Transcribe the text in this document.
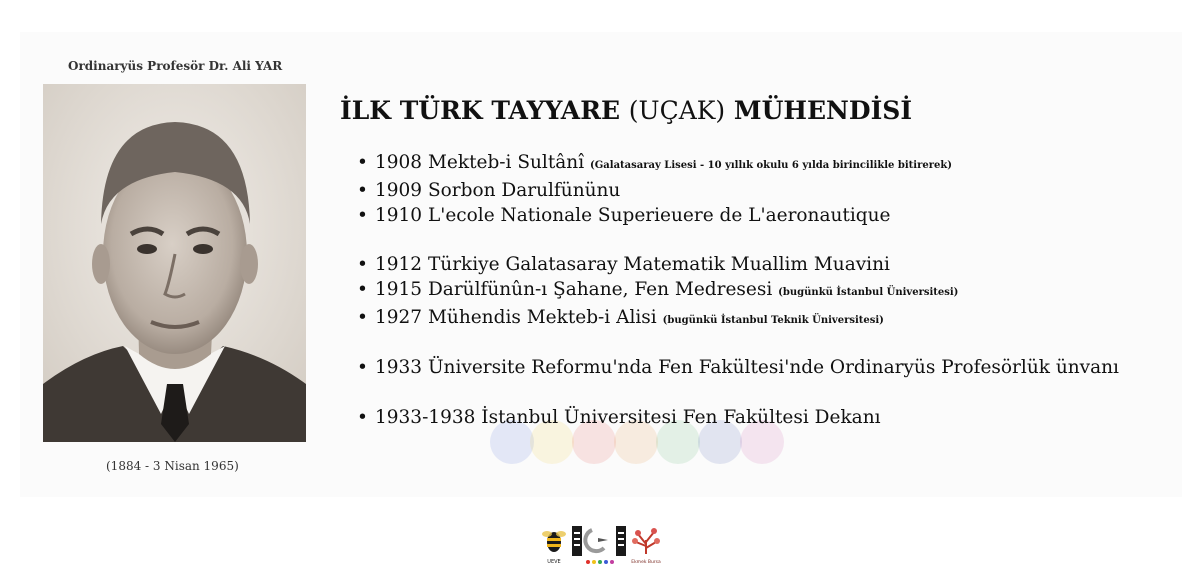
Ordinaryüs Profesör Dr. Ali YAR
(1884 - 3 Nisan 1965)
İLK TÜRK TAYYARE (UÇAK) MÜHENDİSİ
• 1908 Mekteb-i Sultânî (Galatasaray Lisesi - 10 yıllık okulu 6 yılda birincilikle bitirerek)
• 1909 Sorbon Darulfününu
• 1910 L'ecole Nationale Superieuere de L'aeronautique
• 1912 Türkiye Galatasaray Matematik Muallim Muavini
• 1915 Darülfünûn-ı Şahane, Fen Medresesi (bugünkü İstanbul Üniversitesi)
• 1927 Mühendis Mekteb-i Alisi (bugünkü İstanbul Teknik Üniversitesi)
• 1933 Üniversite Reformu'nda Fen Fakültesi'nde Ordinaryüs Profesörlük ünvanı
• 1933-1938 İstanbul Üniversitesi Fen Fakültesi Dekanı
UEVE	Ekmek Bursa
